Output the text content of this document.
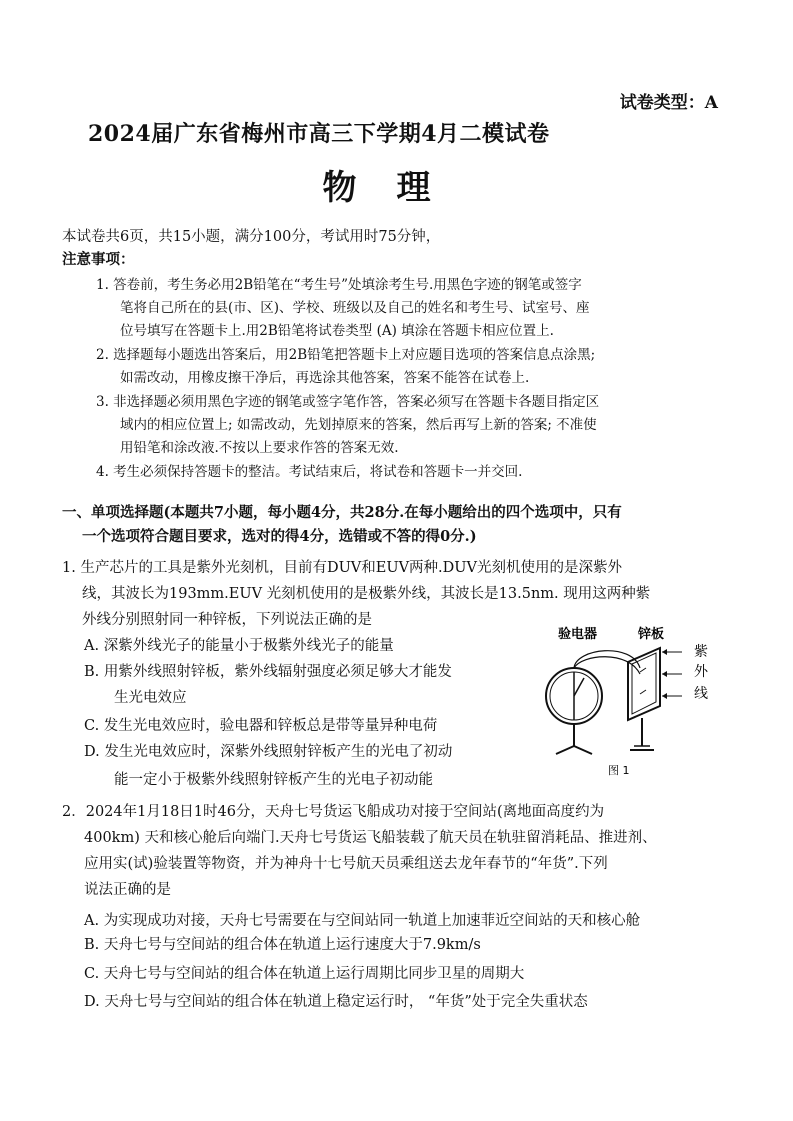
试卷类型：A
2024届广东省梅州市高三下学期4月二模试卷
物理
本试卷共6页，共15小题，满分100分，考试用时75分钟，
注意事项：
1. 答卷前，考生务必用2B铅笔在“考生号”处填涂考生号.用黑色字迹的钢笔或签字
笔将自己所在的县(市、区)、学校、班级以及自己的姓名和考生号、试室号、座
位号填写在答题卡上.用2B铅笔将试卷类型 (A) 填涂在答题卡相应位置上.
2. 选择题每小题选出答案后，用2B铅笔把答题卡上对应题目选项的答案信息点涂黑;
如需改动，用橡皮擦干净后，再选涂其他答案，答案不能答在试卷上.
3. 非选择题必须用黑色字迹的钢笔或签字笔作答，答案必须写在答题卡各题目指定区
域内的相应位置上; 如需改动，先划掉原来的答案，然后再写上新的答案; 不准使
用铅笔和涂改液.不按以上要求作答的答案无效.
4. 考生必须保持答题卡的整洁。考试结束后，将试卷和答题卡一并交回.
一、单项选择题(本题共7小题，每小题4分，共28分.在每小题给出的四个选项中，只有
一个选项符合题目要求，选对的得4分，选错或不答的得0分.)
1. 生产芯片的工具是紫外光刻机，目前有DUV和EUV两种.DUV光刻机使用的是深紫外
线，其波长为193mm.EUV 光刻机使用的是极紫外线，其波长是13.5nm. 现用这两种紫
外线分别照射同一种锌板，下列说法正确的是
A. 深紫外线光子的能量小于极紫外线光子的能量
B. 用紫外线照射锌板，紫外线辐射强度必须足够大才能发
生光电效应
C. 发生光电效应时，验电器和锌板总是带等量异种电荷
D. 发生光电效应时，深紫外线照射锌板产生的光电了初动
能一定小于极紫外线照射锌板产生的光电子初动能
验电器	锌板
紫
外
线
图 1
2．2024年1月18日1时46分，天舟七号货运飞船成功对接于空间站(离地面高度约为
400km) 天和核心舱后向端门.天舟七号货运飞船装载了航天员在轨驻留消耗品、推进剂、
应用实(试)验装置等物资，并为神舟十七号航天员乘组送去龙年春节的“年货”.下列
说法正确的是
A. 为实现成功对接，天舟七号需要在与空间站同一轨道上加速菲近空间站的天和核心舱
B. 天舟七号与空间站的组合体在轨道上运行速度大于7.9km/s
C. 天舟七号与空间站的组合体在轨道上运行周期比同步卫星的周期大
D. 天舟七号与空间站的组合体在轨道上稳定运行时， “年货”处于完全失重状态
